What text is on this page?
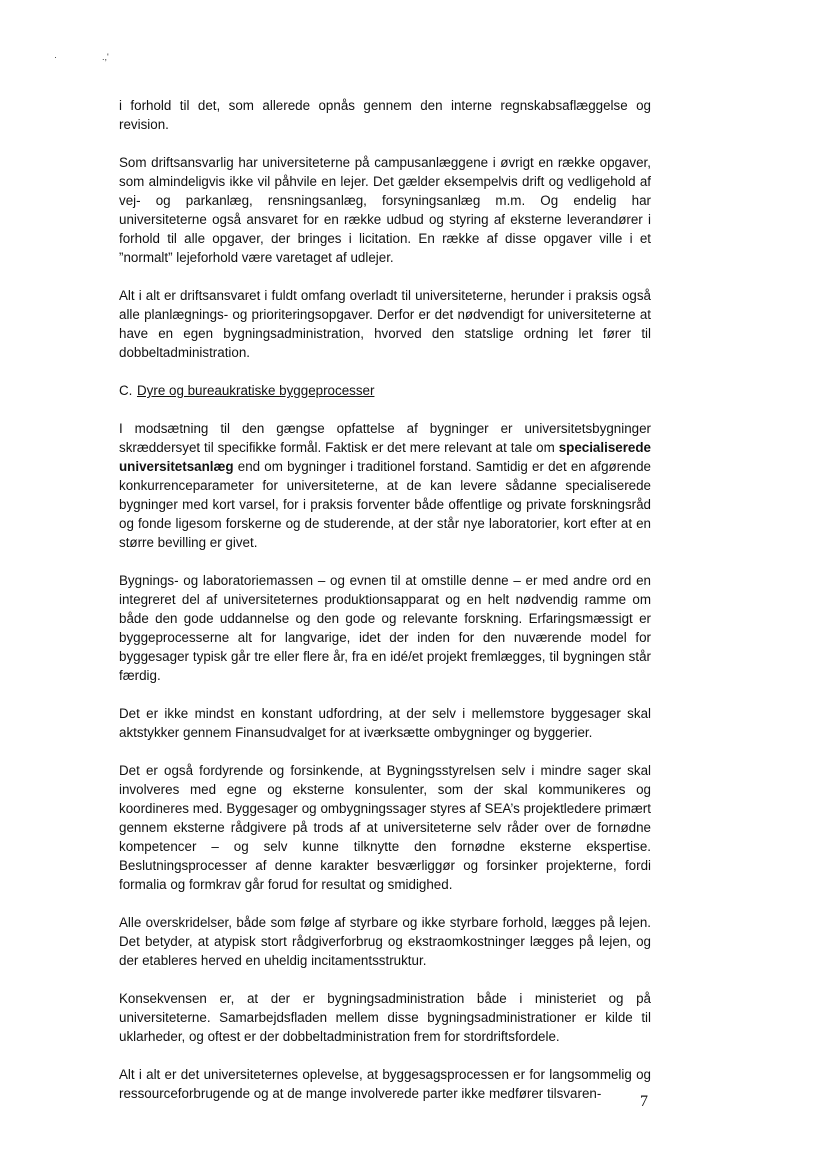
·	.,'

i forhold til det, som allerede opnås gennem den interne regnskabsaflæggelse og revision.

Som driftsansvarlig har universiteterne på campusanlæggene i øvrigt en række opgaver, som almindeligvis ikke vil påhvile en lejer. Det gælder eksempelvis drift og vedligehold af vej- og parkanlæg, rensningsanlæg, forsyningsanlæg m.m. Og endelig har universiteterne også ansvaret for en række udbud og styring af eksterne leverandører i forhold til alle opgaver, der bringes i licitation. En række af disse opgaver ville i et ”normalt” lejeforhold være varetaget af udlejer.

Alt i alt er driftsansvaret i fuldt omfang overladt til universiteterne, herunder i praksis også alle planlægnings- og prioriteringsopgaver. Derfor er det nødvendigt for universiteterne at have en egen bygningsadministration, hvorved den statslige ordning let fører til dobbeltadministration.

C. Dyre og bureaukratiske byggeprocesser

I modsætning til den gængse opfattelse af bygninger er universitetsbygninger skræddersyet til specifikke formål. Faktisk er det mere relevant at tale om specialiserede universitetsanlæg end om bygninger i traditionel forstand. Samtidig er det en afgørende konkurrenceparameter for universiteterne, at de kan levere sådanne specialiserede bygninger med kort varsel, for i praksis forventer både offentlige og private forskningsråd og fonde ligesom forskerne og de studerende, at der står nye laboratorier, kort efter at en større bevilling er givet.

Bygnings- og laboratoriemassen – og evnen til at omstille denne – er med andre ord en integreret del af universiteternes produktionsapparat og en helt nødvendig ramme om både den gode uddannelse og den gode og relevante forskning. Erfaringsmæssigt er byggeprocesserne alt for langvarige, idet der inden for den nuværende model for byggesager typisk går tre eller flere år, fra en idé/et projekt fremlægges, til bygningen står færdig.

Det er ikke mindst en konstant udfordring, at der selv i mellemstore byggesager skal aktstykker gennem Finansudvalget for at iværksætte ombygninger og byggerier.

Det er også fordyrende og forsinkende, at Bygningsstyrelsen selv i mindre sager skal involveres med egne og eksterne konsulenter, som der skal kommunikeres og koordineres med. Byggesager og ombygningssager styres af SEA’s projektledere primært gennem eksterne rådgivere på trods af at universiteterne selv råder over de fornødne kompetencer – og selv kunne tilknytte den fornødne eksterne ekspertise. Beslutningsprocesser af denne karakter besværliggør og forsinker projekterne, fordi formalia og formkrav går forud for resultat og smidighed.

Alle overskridelser, både som følge af styrbare og ikke styrbare forhold, lægges på lejen. Det betyder, at atypisk stort rådgiverforbrug og ekstraomkostninger lægges på lejen, og der etableres herved en uheldig incitamentsstruktur.

Konsekvensen er, at der er bygningsadministration både i ministeriet og på universiteterne. Samarbejdsfladen mellem disse bygningsadministrationer er kilde til uklarheder, og oftest er der dobbeltadministration frem for stordriftsfordele.

Alt i alt er det universiteternes oplevelse, at byggesagsprocessen er for langsommelig og ressourceforbrugende og at de mange involverede parter ikke medfører tilsvaren-	7
